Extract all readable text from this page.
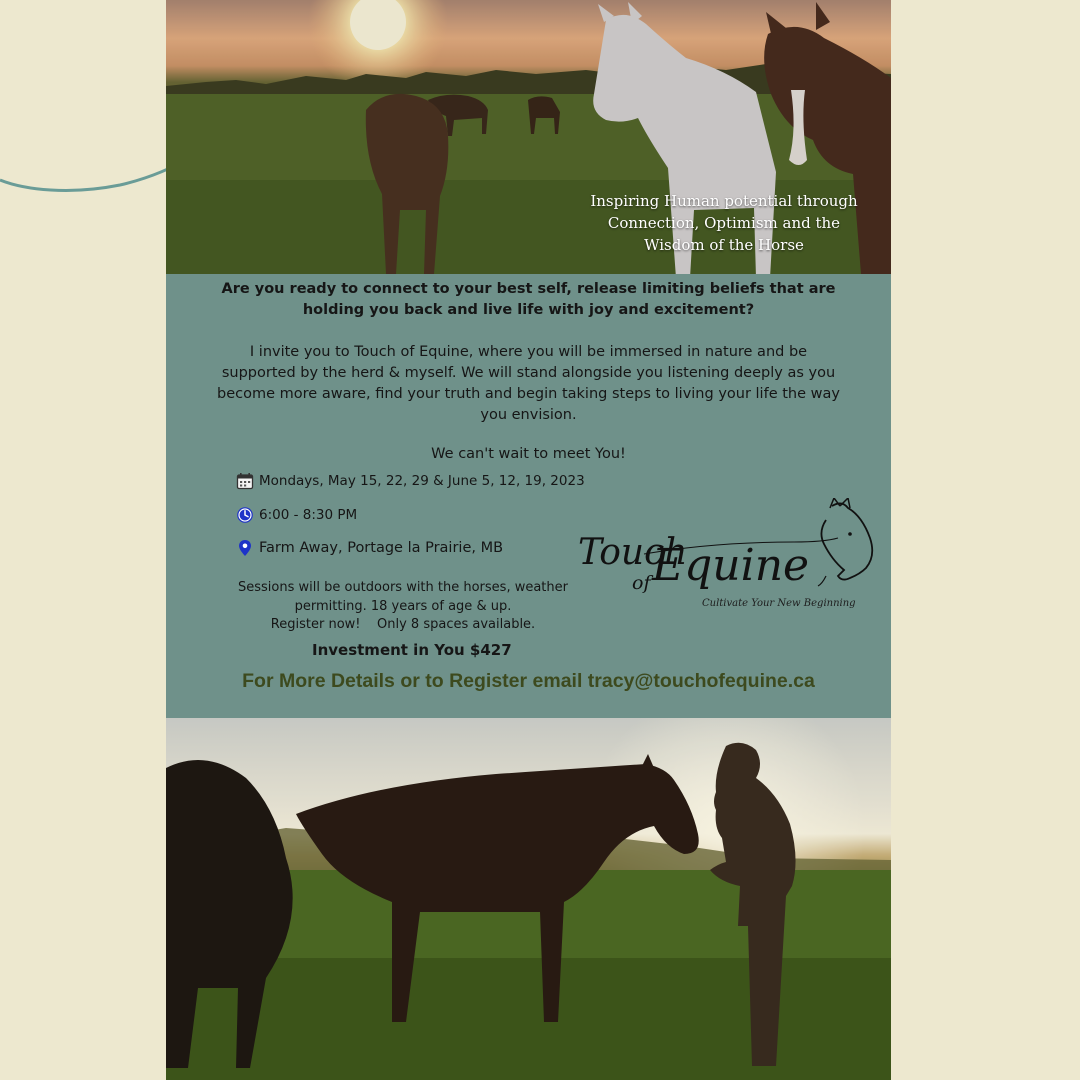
Inspiring Human potential through Connection, Optimism and the Wisdom of the Horse
Are you ready to connect to your best self, release limiting beliefs that are holding you back and live life with joy and excitement?
I invite you to Touch of Equine, where you will be immersed in nature and be supported by the herd & myself. We will stand alongside you listening deeply as you become more aware, find your truth and begin taking steps to living your life the way you envision.
We can't wait to meet You!
Mondays, May 15, 22, 29 & June 5, 12, 19, 2023
6:00 - 8:30 PM
Farm Away, Portage la Prairie, MB
Sessions will be outdoors with the horses, weather permitting. 18 years of age & up.
Register now!    Only 8 spaces available.
Investment in You $427
Touch
of Equine
Cultivate Your New Beginning
For More Details or to Register email tracy@touchofequine.ca
